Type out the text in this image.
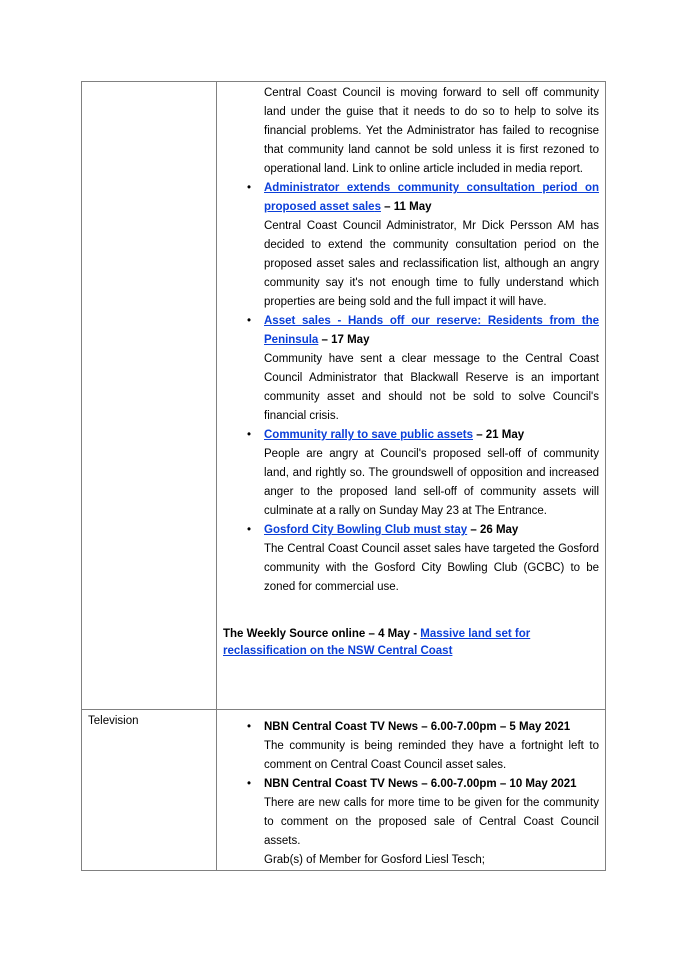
Central Coast Council is moving forward to sell off community land under the guise that it needs to do so to help to solve its financial problems. Yet the Administrator has failed to recognise that community land cannot be sold unless it is first rezoned to operational land. Link to online article included in media report.
• Administrator extends community consultation period on proposed asset sales – 11 May
Central Coast Council Administrator, Mr Dick Persson AM has decided to extend the community consultation period on the proposed asset sales and reclassification list, although an angry community say it's not enough time to fully understand which properties are being sold and the full impact it will have.
• Asset sales - Hands off our reserve: Residents from the Peninsula – 17 May
Community have sent a clear message to the Central Coast Council Administrator that Blackwall Reserve is an important community asset and should not be sold to solve Council's financial crisis.
• Community rally to save public assets – 21 May
People are angry at Council's proposed sell-off of community land, and rightly so. The groundswell of opposition and increased anger to the proposed land sell-off of community assets will culminate at a rally on Sunday May 23 at The Entrance.
• Gosford City Bowling Club must stay – 26 May
The Central Coast Council asset sales have targeted the Gosford community with the Gosford City Bowling Club (GCBC) to be zoned for commercial use.
The Weekly Source online – 4 May - Massive land set for reclassification on the NSW Central Coast
Television	• NBN Central Coast TV News – 6.00-7.00pm – 5 May 2021
The community is being reminded they have a fortnight left to comment on Central Coast Council asset sales.
• NBN Central Coast TV News – 6.00-7.00pm – 10 May 2021
There are new calls for more time to be given for the community to comment on the proposed sale of Central Coast Council assets.
Grab(s) of Member for Gosford Liesl Tesch;
